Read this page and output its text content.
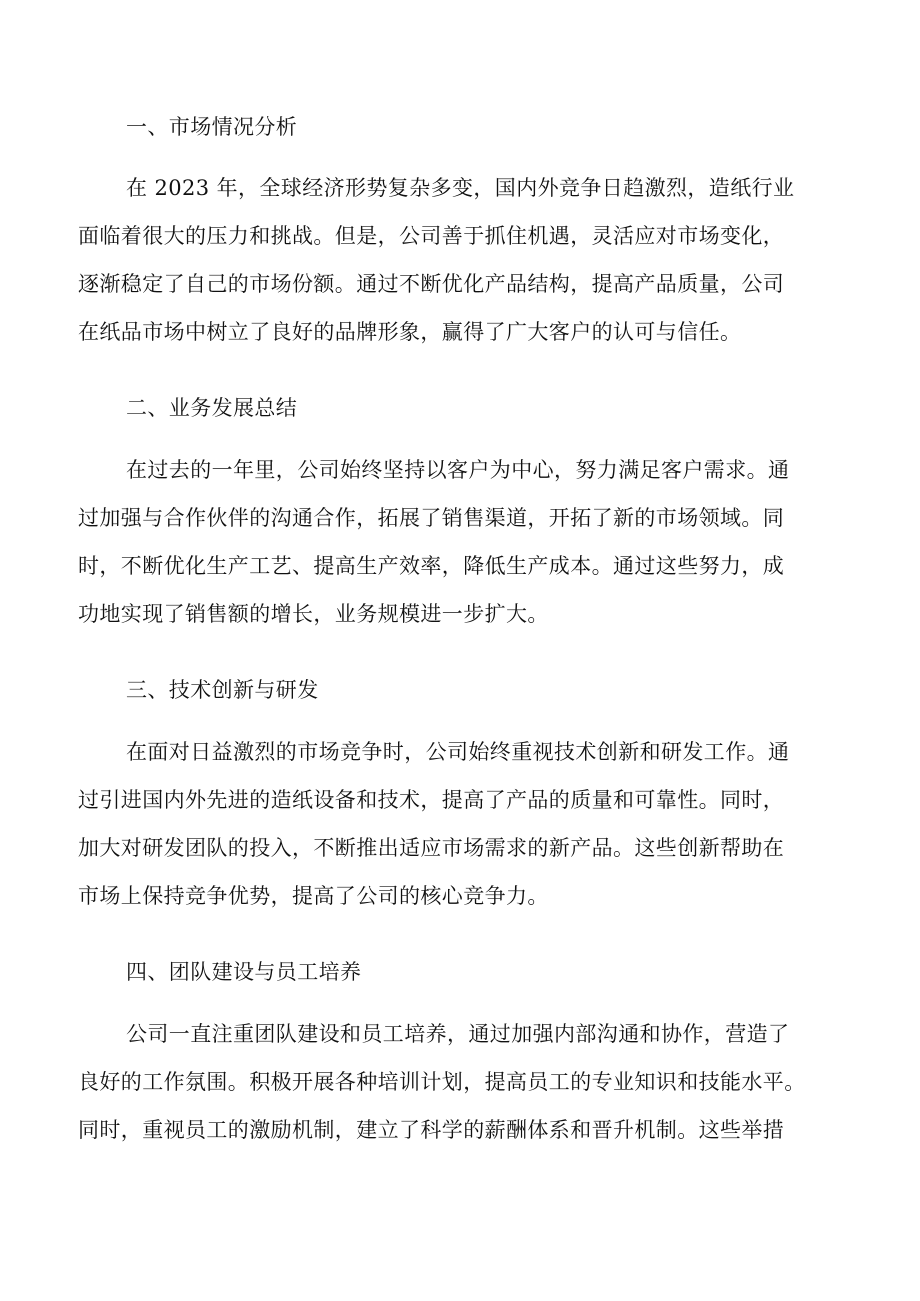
一、市场情况分析
在 2023 年，全球经济形势复杂多变，国内外竞争日趋激烈，造纸行业
面临着很大的压力和挑战。但是，公司善于抓住机遇，灵活应对市场变化，
逐渐稳定了自己的市场份额。通过不断优化产品结构，提高产品质量，公司
在纸品市场中树立了良好的品牌形象，赢得了广大客户的认可与信任。
二、业务发展总结
在过去的一年里，公司始终坚持以客户为中心，努力满足客户需求。通
过加强与合作伙伴的沟通合作，拓展了销售渠道，开拓了新的市场领域。同
时，不断优化生产工艺、提高生产效率，降低生产成本。通过这些努力，成
功地实现了销售额的增长，业务规模进一步扩大。
三、技术创新与研发
在面对日益激烈的市场竞争时，公司始终重视技术创新和研发工作。通
过引进国内外先进的造纸设备和技术，提高了产品的质量和可靠性。同时，
加大对研发团队的投入，不断推出适应市场需求的新产品。这些创新帮助在
市场上保持竞争优势，提高了公司的核心竞争力。
四、团队建设与员工培养
公司一直注重团队建设和员工培养，通过加强内部沟通和协作，营造了
良好的工作氛围。积极开展各种培训计划，提高员工的专业知识和技能水平。
同时，重视员工的激励机制，建立了科学的薪酬体系和晋升机制。这些举措
